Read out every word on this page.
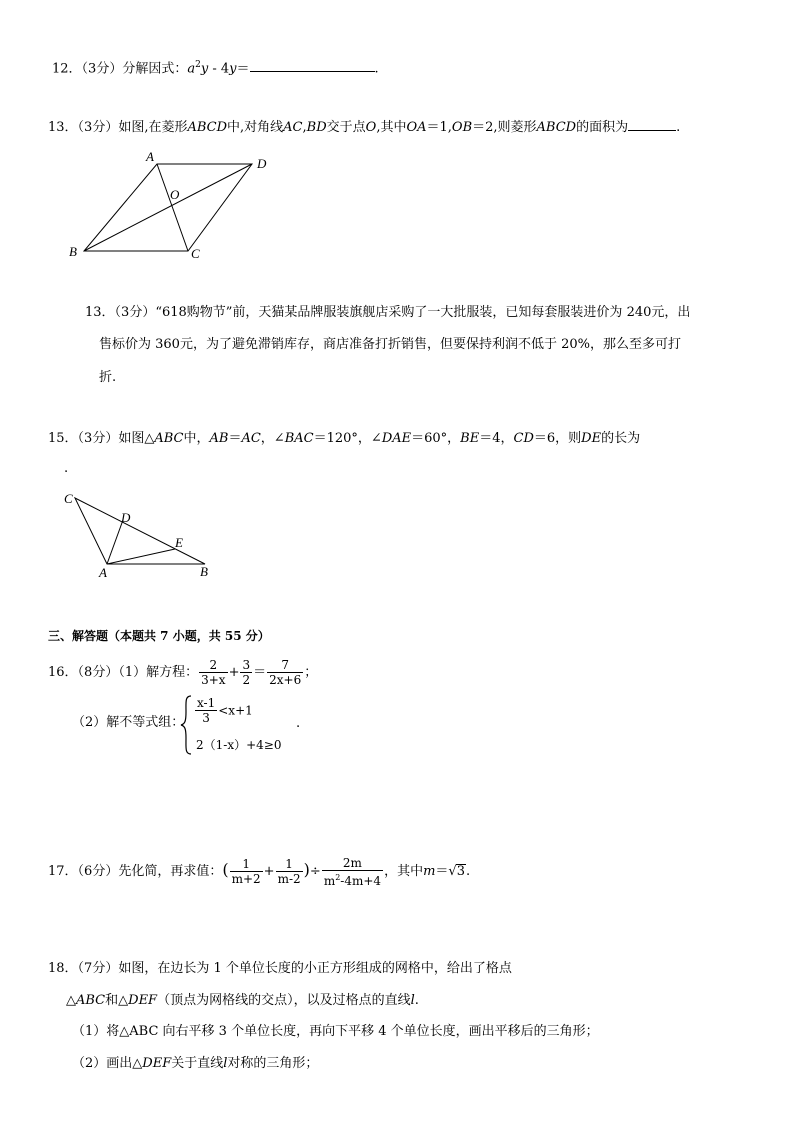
12．（3分）分解因式：$a^2y - 4y=$	.
13．（3分）如图,在菱形ABCD中,对角线AC,BD交于点O,其中OA＝1,OB＝2,则菱形ABCD的面积为	.
A	D
O
B	C
13．（3分）“618购物节”前，天猫某品牌服装旗舰店采购了一大批服装，已知每套服装进价为 240元，出
售标价为 360元，为了避免滞销库存，商店准备打折销售，但要保持利润不低于 20%，那么至多可打
折.
15．（3分）如图△ABC中，AB＝AC，∠BAC＝120°，∠DAE＝60°，BE＝4，CD＝6，则DE的长为
.
C
D
E
A	B
三、解答题（本题共 7 小题，共 55 分）
16．（8分）（1）解方程： $\frac{2}{3+x} + \frac{3}{2} = \frac{7}{2x+6}$ ；
（2）解不等式组： $\frac{x-1}{3} <x+1$
2（1-x）+4≥0
.
17．（6分）先化简，再求值：( $\frac{1}{m+2} + \frac{1}{m-2}$ )÷ $\frac{2m}{m^2-4m+4}$ ，其中m＝√3.
18．（7分）如图，在边长为 1 个单位长度的小正方形组成的网格中，给出了格点
△ABC和△DEF（顶点为网格线的交点），以及过格点的直线l.
（1）将△ABC 向右平移 3 个单位长度，再向下平移 4 个单位长度，画出平移后的三角形；
（2）画出△DEF关于直线l对称的三角形；
